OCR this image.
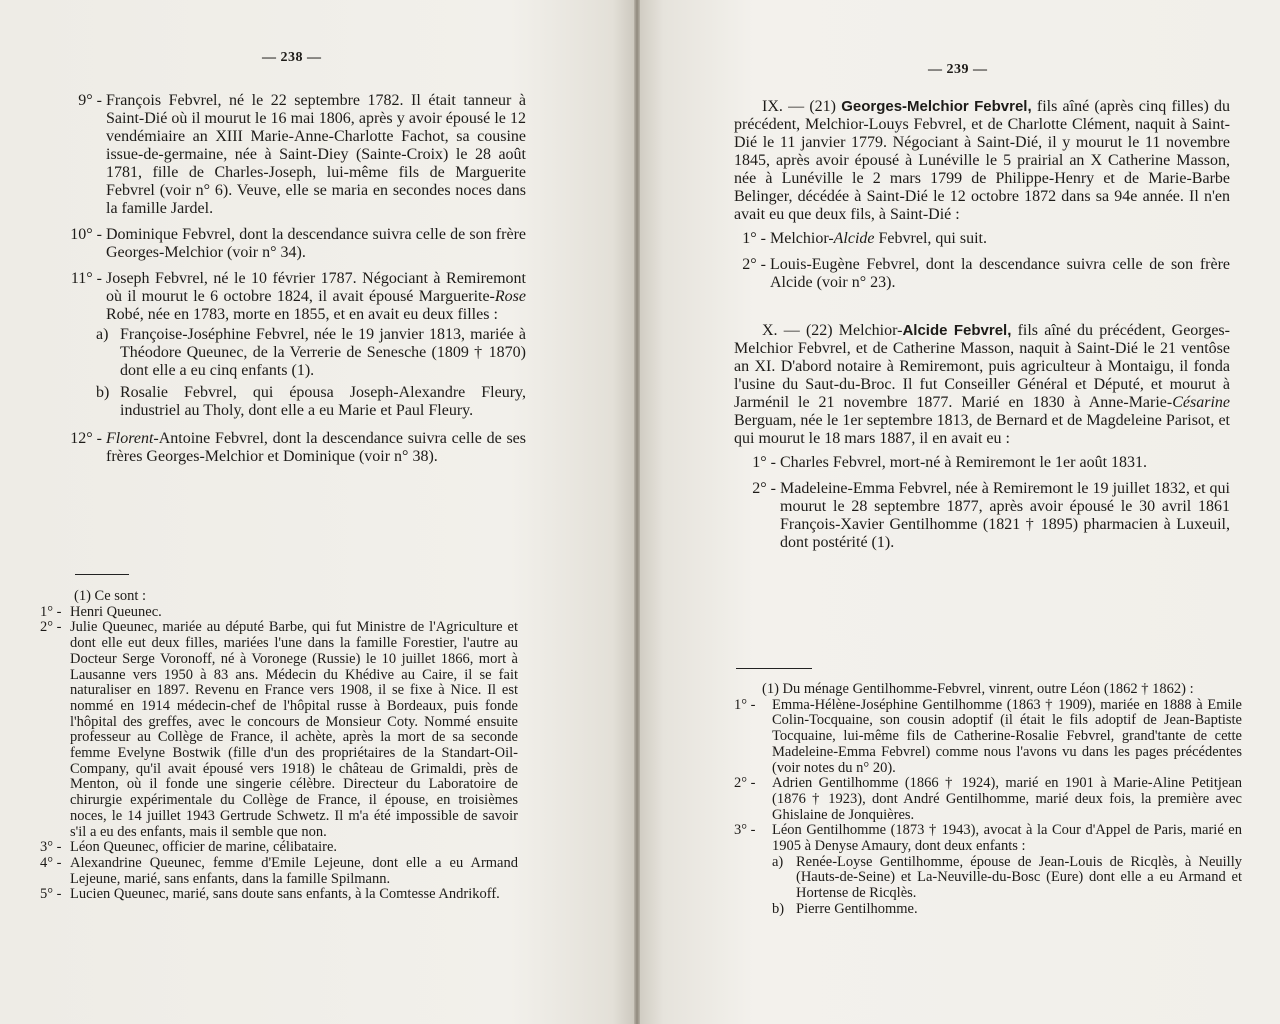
— 238 —
9° - François Febvrel, né le 22 septembre 1782. Il était tanneur à Saint-Dié où il mourut le 16 mai 1806, après y avoir épousé le 12 vendémiaire an XIII Marie-Anne-Charlotte Fachot, sa cousine issue-de-germaine, née à Saint-Diey (Sainte-Croix) le 28 août 1781, fille de Charles-Joseph, lui-même fils de Marguerite Febvrel (voir n° 6). Veuve, elle se maria en secondes noces dans la famille Jardel.
10° - Dominique Febvrel, dont la descendance suivra celle de son frère Georges-Melchior (voir n° 34).
11° - Joseph Febvrel, né le 10 février 1787. Négociant à Remiremont où il mourut le 6 octobre 1824, il avait épousé Marguerite-Rose Robé, née en 1783, morte en 1855, et en avait eu deux filles :
a) Françoise-Joséphine Febvrel, née le 19 janvier 1813, mariée à Théodore Queunec, de la Verrerie de Senesche (1809 † 1870) dont elle a eu cinq enfants (1).
b) Rosalie Febvrel, qui épousa Joseph-Alexandre Fleury, industriel au Tholy, dont elle a eu Marie et Paul Fleury.
12° - Florent-Antoine Febvrel, dont la descendance suivra celle de ses frères Georges-Melchior et Dominique (voir n° 38).

(1) Ce sont :

1° - Henri Queunec.
2° - Julie Queunec, mariée au député Barbe, qui fut Ministre de l'Agriculture et dont elle eut deux filles, mariées l'une dans la famille Forestier, l'autre au Docteur Serge Voronoff, né à Voronege (Russie) le 10 juillet 1866, mort à Lausanne vers 1950 à 83 ans. Médecin du Khédive au Caire, il se fait naturaliser en 1897. Revenu en France vers 1908, il se fixe à Nice. Il est nommé en 1914 médecin-chef de l'hôpital russe à Bordeaux, puis fonde l'hôpital des greffes, avec le concours de Monsieur Coty. Nommé ensuite professeur au Collège de France, il achète, après la mort de sa seconde femme Evelyne Bostwik (fille d'un des propriétaires de la Standart-Oil-Company, qu'il avait épousé vers 1918) le château de Grimaldi, près de Menton, où il fonde une singerie célèbre. Directeur du Laboratoire de chirurgie expérimentale du Collège de France, il épouse, en troisièmes noces, le 14 juillet 1943 Gertrude Schwetz. Il m'a été impossible de savoir s'il a eu des enfants, mais il semble que non.
3° - Léon Queunec, officier de marine, célibataire.
4° - Alexandrine Queunec, femme d'Emile Lejeune, dont elle a eu Armand Lejeune, marié, sans enfants, dans la famille Spilmann.
5° - Lucien Queunec, marié, sans doute sans enfants, à la Comtesse Andrikoff.
— 239 —

IX. — (21) Georges-Melchior Febvrel, fils aîné (après cinq filles) du précédent, Melchior-Louys Febvrel, et de Charlotte Clément, naquit à Saint-Dié le 11 janvier 1779. Négociant à Saint-Dié, il y mourut le 11 novembre 1845, après avoir épousé à Lunéville le 5 prairial an X Catherine Masson, née à Lunéville le 2 mars 1799 de Philippe-Henry et de Marie-Barbe Belinger, décédée à Saint-Dié le 12 octobre 1872 dans sa 94e année. Il n'en avait eu que deux fils, à Saint-Dié :

1° - Melchior-Alcide Febvrel, qui suit.
2° - Louis-Eugène Febvrel, dont la descendance suivra celle de son frère Alcide (voir n° 23).

X. — (22) Melchior-Alcide Febvrel, fils aîné du précédent, Georges-Melchior Febvrel, et de Catherine Masson, naquit à Saint-Dié le 21 ventôse an XI. D'abord notaire à Remiremont, puis agriculteur à Montaigu, il fonda l'usine du Saut-du-Broc. Il fut Conseiller Général et Député, et mourut à Jarménil le 21 novembre 1877. Marié en 1830 à Anne-Marie-Césarine Berguam, née le 1er septembre 1813, de Bernard et de Magdeleine Parisot, et qui mourut le 18 mars 1887, il en avait eu :

1° - Charles Febvrel, mort-né à Remiremont le 1er août 1831.
2° - Madeleine-Emma Febvrel, née à Remiremont le 19 juillet 1832, et qui mourut le 28 septembre 1877, après avoir épousé le 30 avril 1861 François-Xavier Gentilhomme (1821 † 1895) pharmacien à Luxeuil, dont postérité (1).

(1) Du ménage Gentilhomme-Febvrel, vinrent, outre Léon (1862 † 1862) :

1° - Emma-Hélène-Joséphine Gentilhomme (1863 † 1909), mariée en 1888 à Emile Colin-Tocquaine, son cousin adoptif (il était le fils adoptif de Jean-Baptiste Tocquaine, lui-même fils de Catherine-Rosalie Febvrel, grand'tante de cette Madeleine-Emma Febvrel) comme nous l'avons vu dans les pages précédentes (voir notes du n° 20).
2° - Adrien Gentilhomme (1866 † 1924), marié en 1901 à Marie-Aline Petitjean (1876 † 1923), dont André Gentilhomme, marié deux fois, la première avec Ghislaine de Jonquières.
3° - Léon Gentilhomme (1873 † 1943), avocat à la Cour d'Appel de Paris, marié en 1905 à Denyse Amaury, dont deux enfants :
a) Renée-Loyse Gentilhomme, épouse de Jean-Louis de Ricqlès, à Neuilly (Hauts-de-Seine) et La-Neuville-du-Bosc (Eure) dont elle a eu Armand et Hortense de Ricqlès.
b) Pierre Gentilhomme.
